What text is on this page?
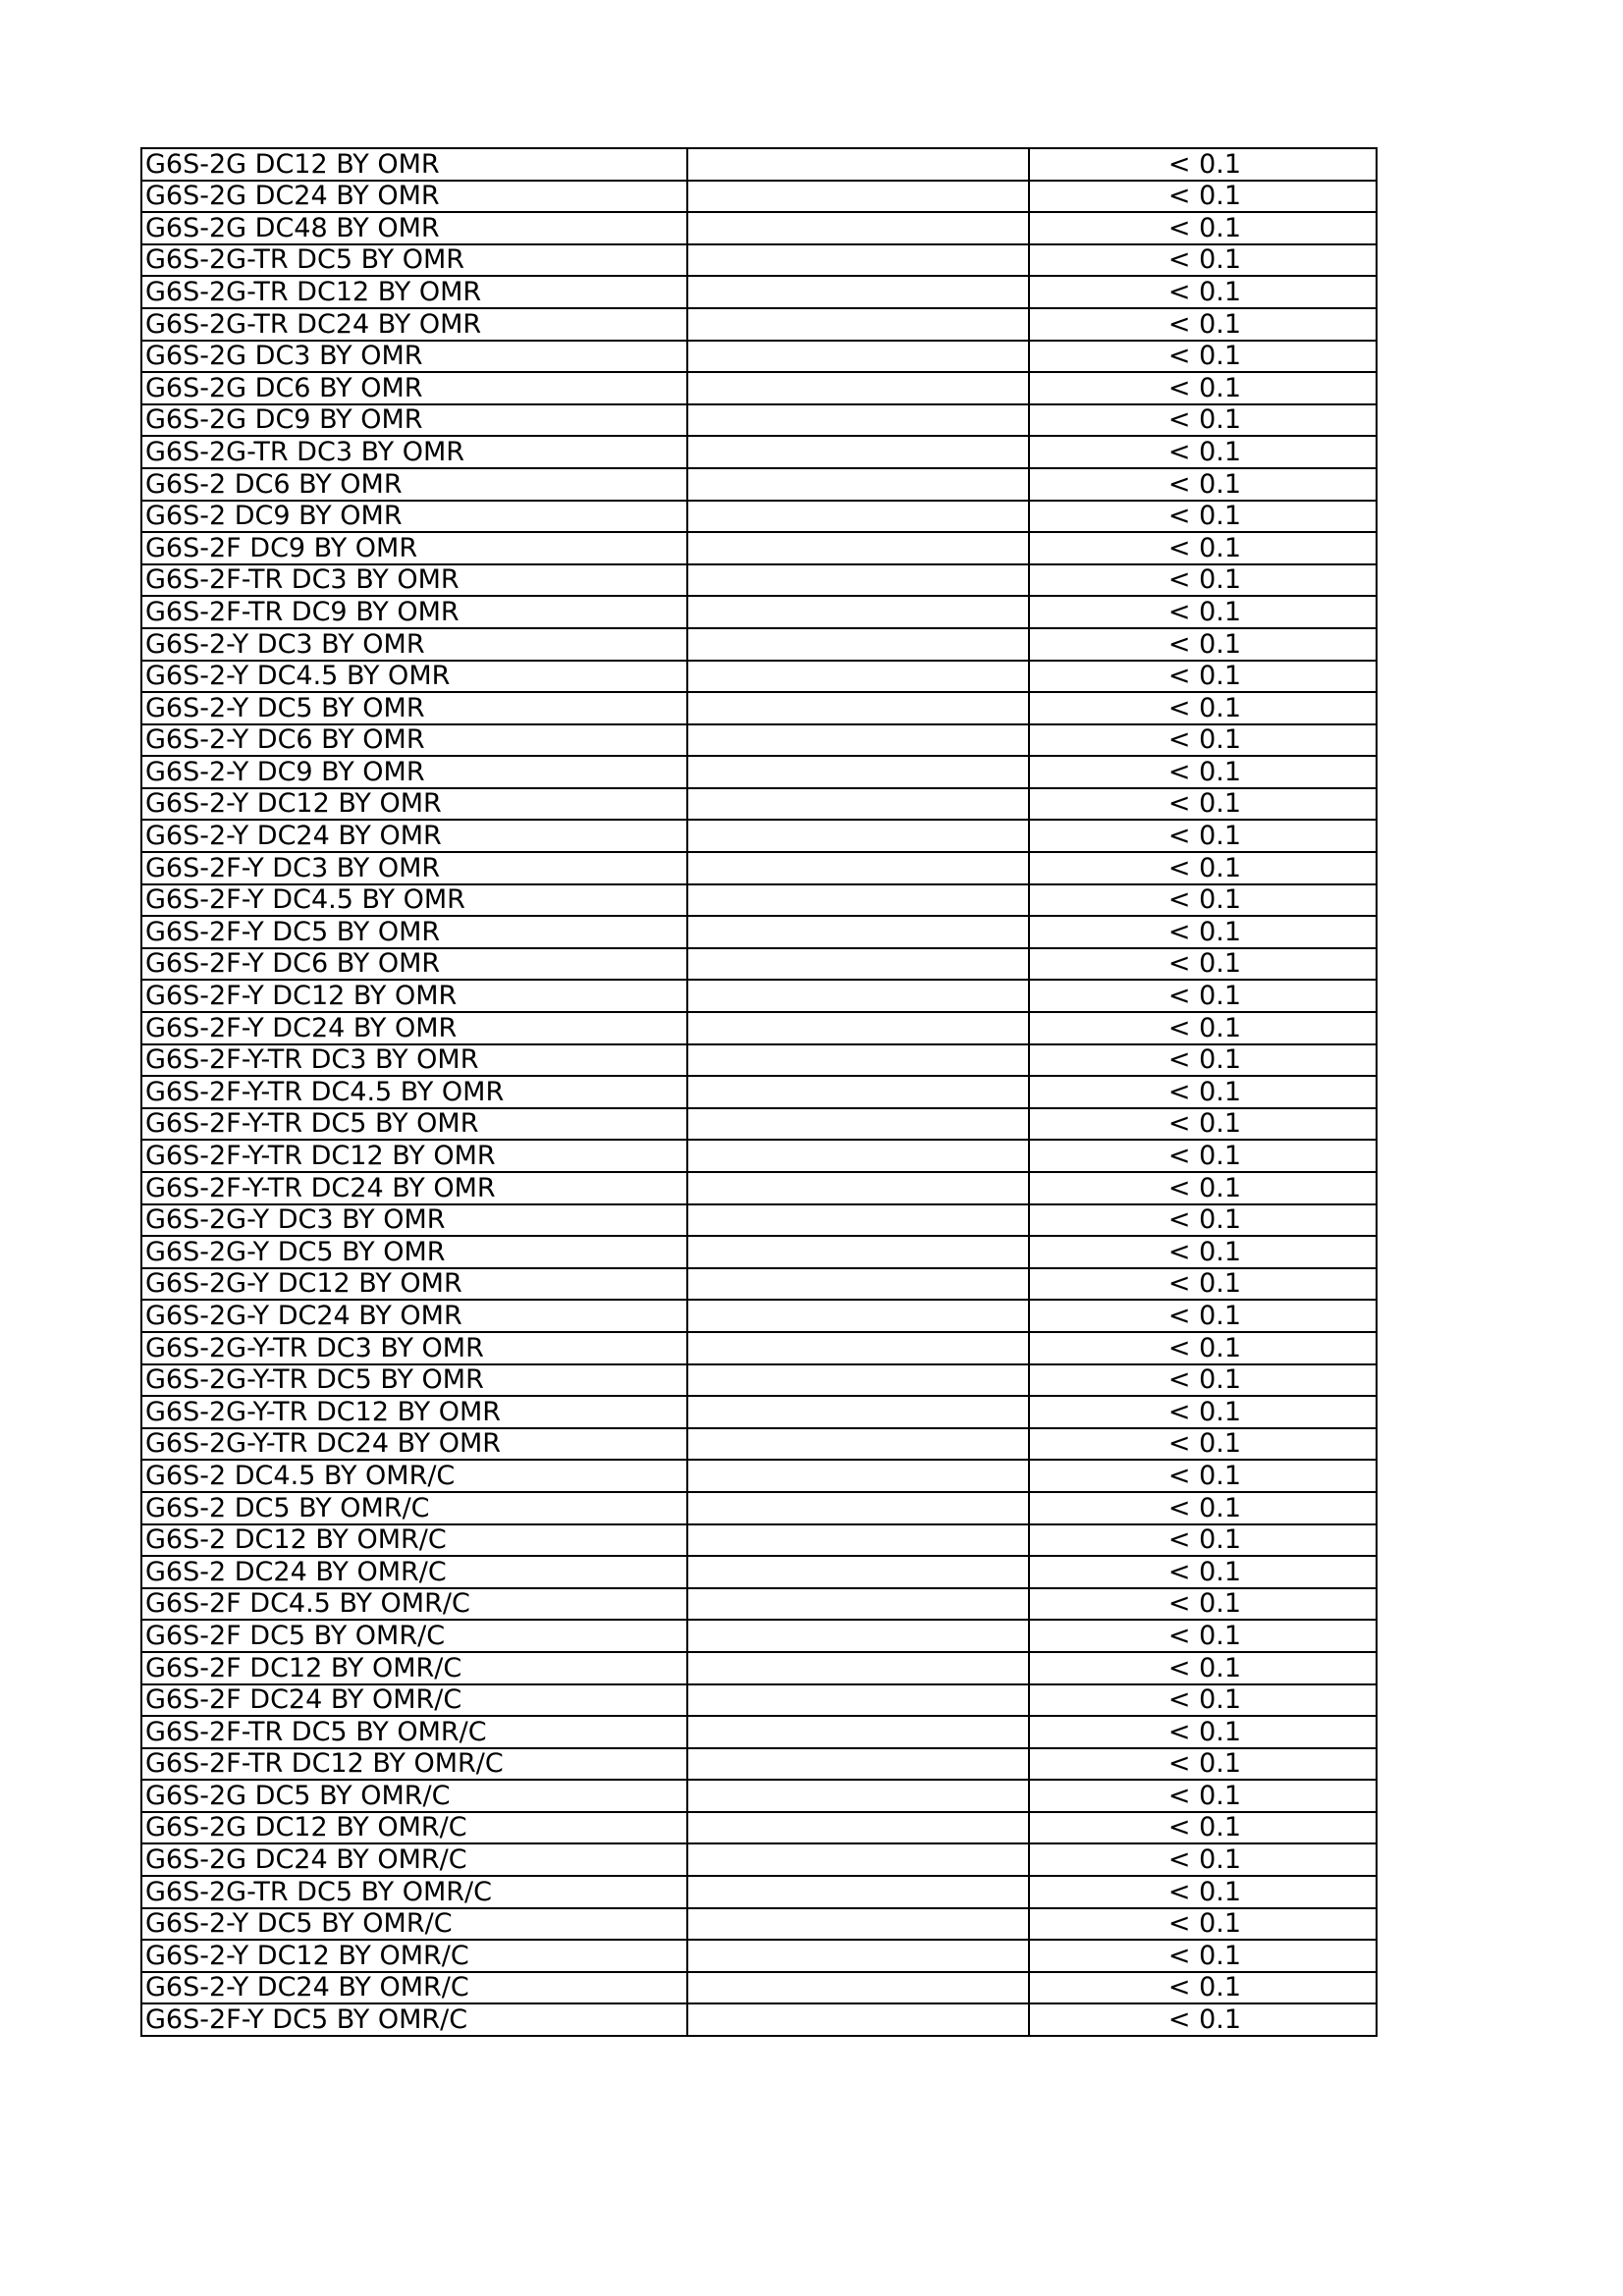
G6S-2G DC12 BY OMR		< 0.1
G6S-2G DC24 BY OMR		< 0.1
G6S-2G DC48 BY OMR		< 0.1
G6S-2G-TR DC5 BY OMR		< 0.1
G6S-2G-TR DC12 BY OMR		< 0.1
G6S-2G-TR DC24 BY OMR		< 0.1
G6S-2G DC3 BY OMR		< 0.1
G6S-2G DC6 BY OMR		< 0.1
G6S-2G DC9 BY OMR		< 0.1
G6S-2G-TR DC3 BY OMR		< 0.1
G6S-2 DC6 BY OMR		< 0.1
G6S-2 DC9 BY OMR		< 0.1
G6S-2F DC9 BY OMR		< 0.1
G6S-2F-TR DC3 BY OMR		< 0.1
G6S-2F-TR DC9 BY OMR		< 0.1
G6S-2-Y DC3 BY OMR		< 0.1
G6S-2-Y DC4.5 BY OMR		< 0.1
G6S-2-Y DC5 BY OMR		< 0.1
G6S-2-Y DC6 BY OMR		< 0.1
G6S-2-Y DC9 BY OMR		< 0.1
G6S-2-Y DC12 BY OMR		< 0.1
G6S-2-Y DC24 BY OMR		< 0.1
G6S-2F-Y DC3 BY OMR		< 0.1
G6S-2F-Y DC4.5 BY OMR		< 0.1
G6S-2F-Y DC5 BY OMR		< 0.1
G6S-2F-Y DC6 BY OMR		< 0.1
G6S-2F-Y DC12 BY OMR		< 0.1
G6S-2F-Y DC24 BY OMR		< 0.1
G6S-2F-Y-TR DC3 BY OMR		< 0.1
G6S-2F-Y-TR DC4.5 BY OMR		< 0.1
G6S-2F-Y-TR DC5 BY OMR		< 0.1
G6S-2F-Y-TR DC12 BY OMR		< 0.1
G6S-2F-Y-TR DC24 BY OMR		< 0.1
G6S-2G-Y DC3 BY OMR		< 0.1
G6S-2G-Y DC5 BY OMR		< 0.1
G6S-2G-Y DC12 BY OMR		< 0.1
G6S-2G-Y DC24 BY OMR		< 0.1
G6S-2G-Y-TR DC3 BY OMR		< 0.1
G6S-2G-Y-TR DC5 BY OMR		< 0.1
G6S-2G-Y-TR DC12 BY OMR		< 0.1
G6S-2G-Y-TR DC24 BY OMR		< 0.1
G6S-2 DC4.5 BY OMR/C		< 0.1
G6S-2 DC5 BY OMR/C		< 0.1
G6S-2 DC12 BY OMR/C		< 0.1
G6S-2 DC24 BY OMR/C		< 0.1
G6S-2F DC4.5 BY OMR/C		< 0.1
G6S-2F DC5 BY OMR/C		< 0.1
G6S-2F DC12 BY OMR/C		< 0.1
G6S-2F DC24 BY OMR/C		< 0.1
G6S-2F-TR DC5 BY OMR/C		< 0.1
G6S-2F-TR DC12 BY OMR/C		< 0.1
G6S-2G DC5 BY OMR/C		< 0.1
G6S-2G DC12 BY OMR/C		< 0.1
G6S-2G DC24 BY OMR/C		< 0.1
G6S-2G-TR DC5 BY OMR/C		< 0.1
G6S-2-Y DC5 BY OMR/C		< 0.1
G6S-2-Y DC12 BY OMR/C		< 0.1
G6S-2-Y DC24 BY OMR/C		< 0.1
G6S-2F-Y DC5 BY OMR/C		< 0.1
